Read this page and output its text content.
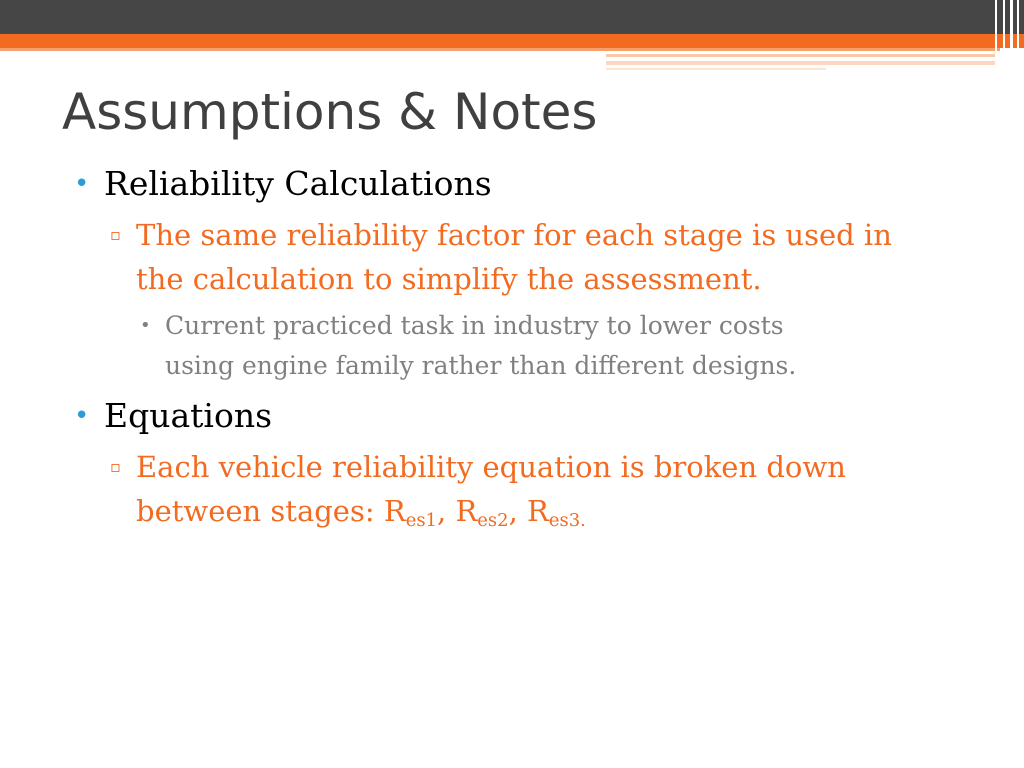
Assumptions & Notes
• Reliability Calculations
▫ The same reliability factor for each stage is used in
the calculation to simplify the assessment.
• Current practiced task in industry to lower costs
using engine family rather than different designs.
• Equations
▫ Each vehicle reliability equation is broken down
between stages: $R_{es1}$, $R_{es2}$, $R_{es3.}$
